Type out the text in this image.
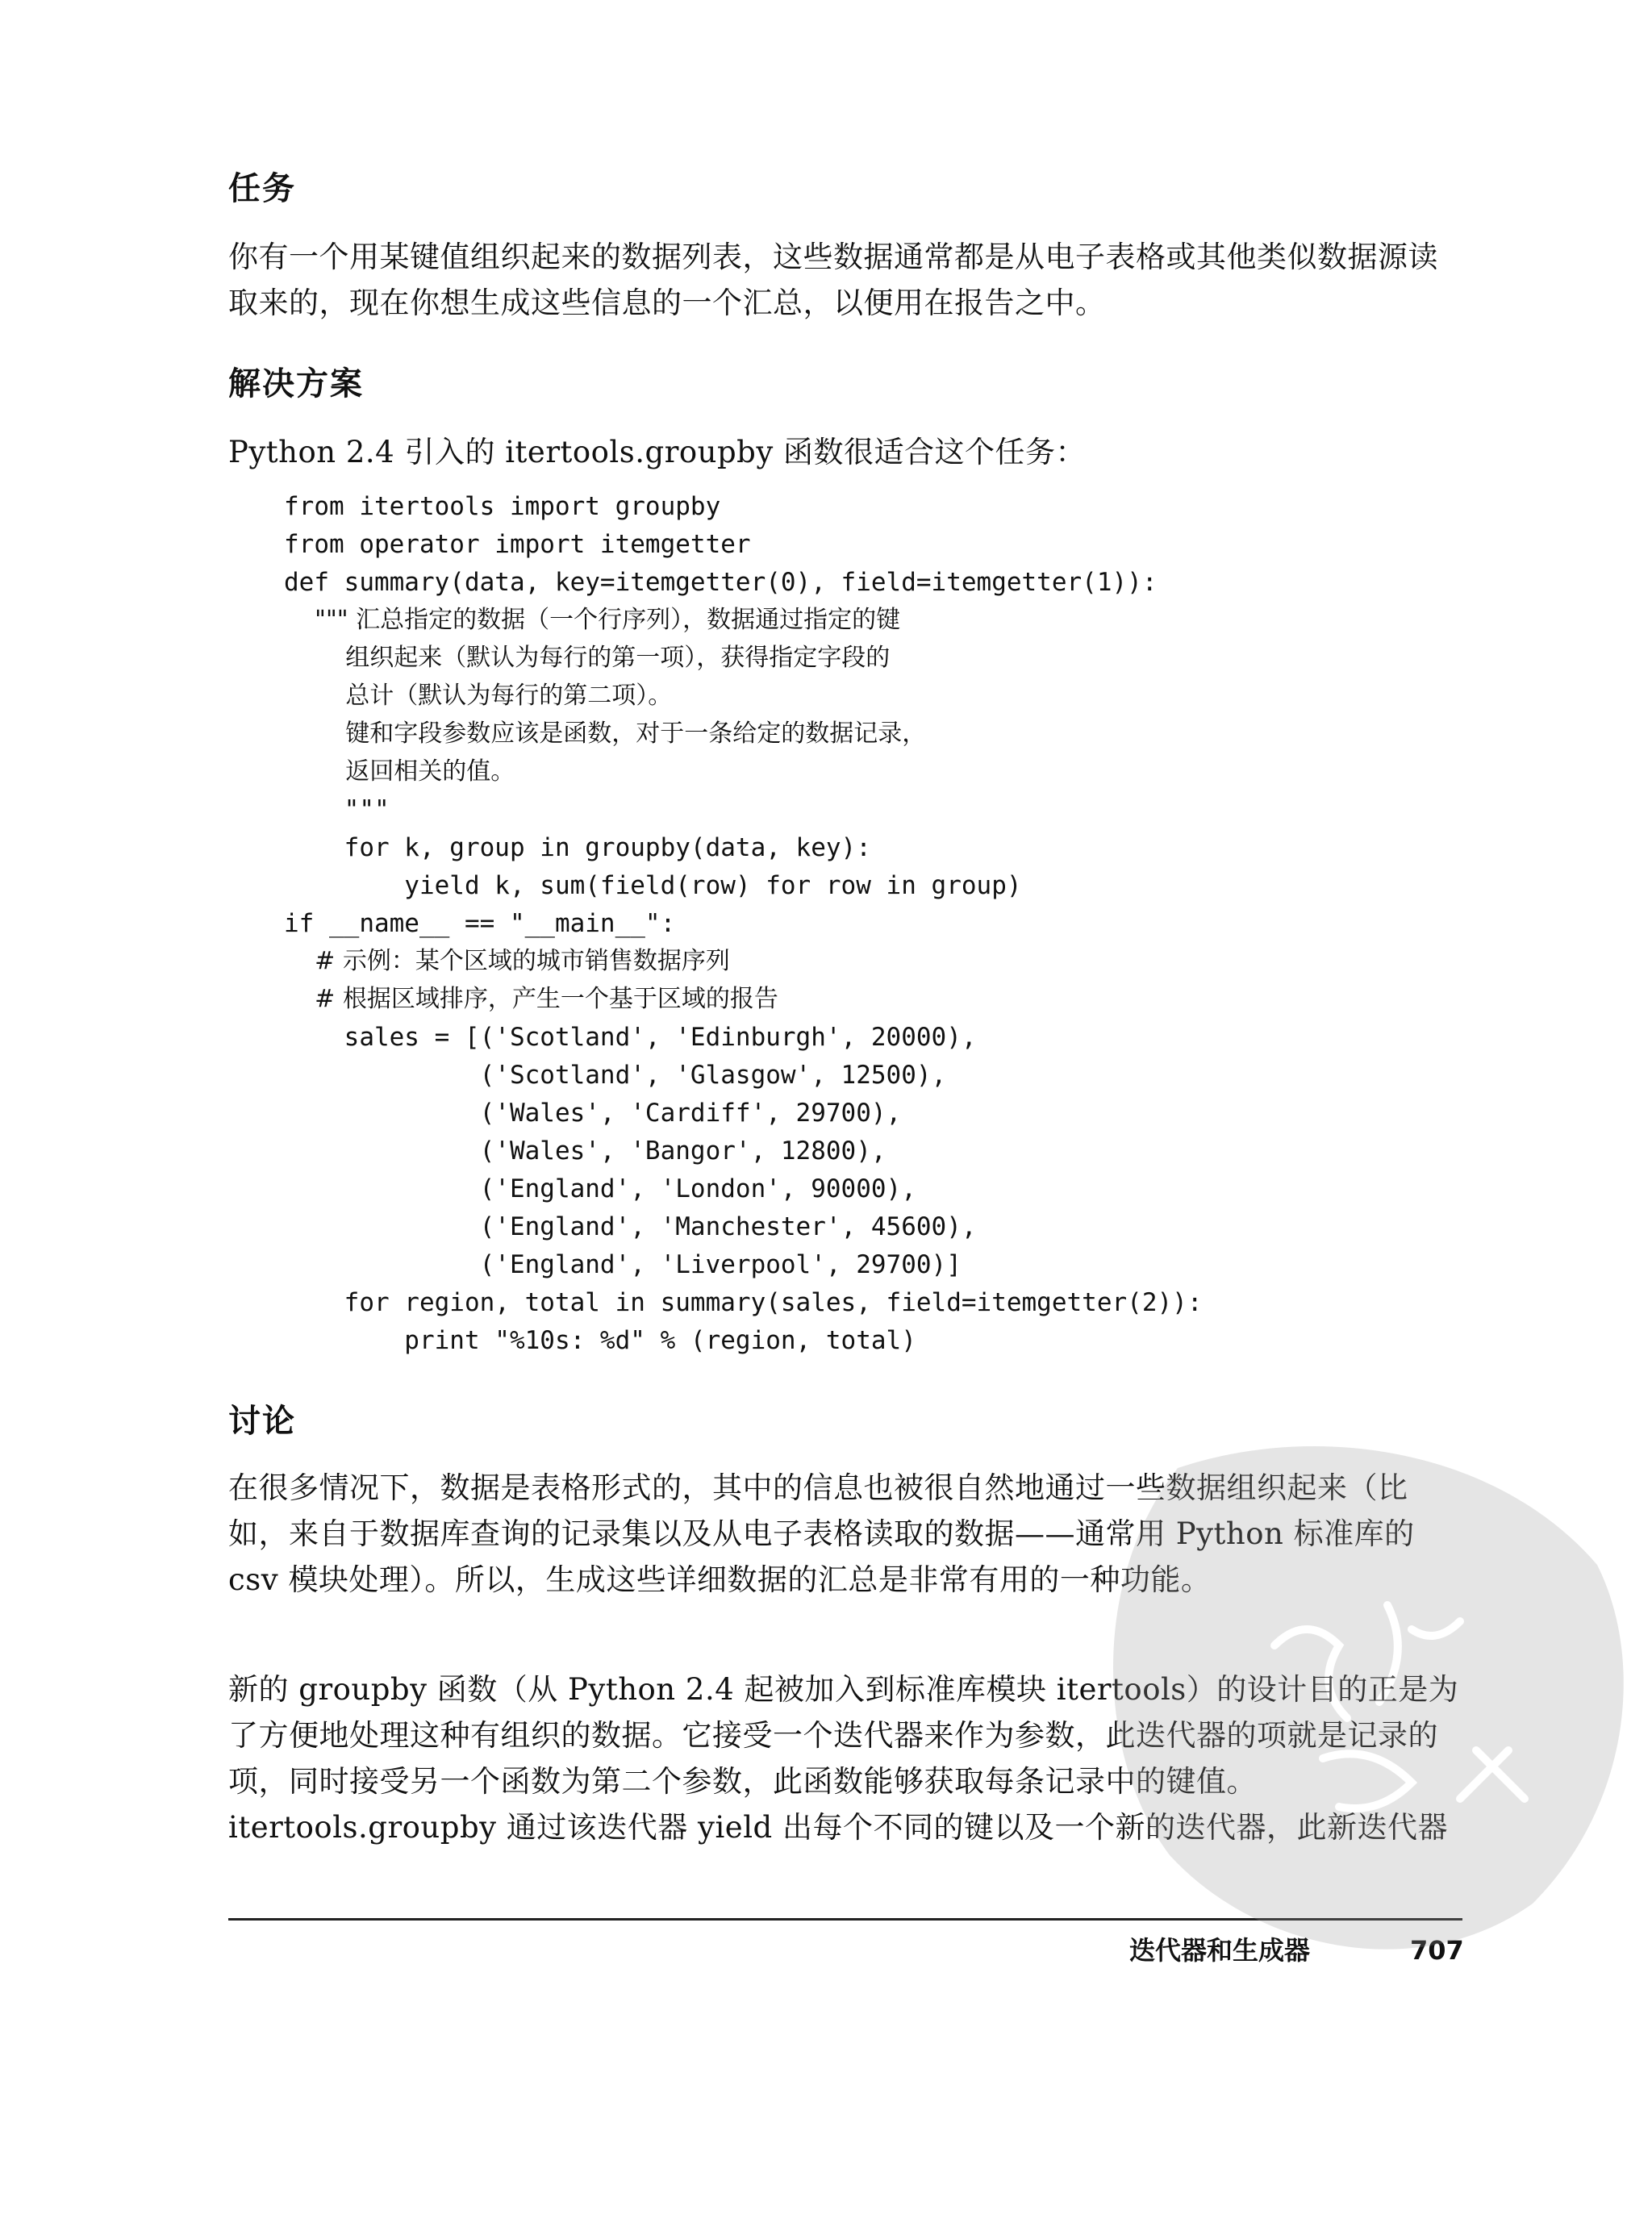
任务

你有一个用某键值组织起来的数据列表，这些数据通常都是从电子表格或其他类似数据源读取来的，现在你想生成这些信息的一个汇总，以便用在报告之中。

解决方案

Python 2.4 引入的 itertools.groupby 函数很适合这个任务：

from itertools import groupby
from operator import itemgetter
def summary(data, key=itemgetter(0), field=itemgetter(1)):
""" 汇总指定的数据（一个行序列），数据通过指定的键
组织起来（默认为每行的第一项），获得指定字段的
总计（默认为每行的第二项）。
键和字段参数应该是函数，对于一条给定的数据记录，
返回相关的值。
"""
for k, group in groupby(data, key):
yield k, sum(field(row) for row in group)
if __name__ == "__main__":
# 示例：某个区域的城市销售数据序列
# 根据区域排序，产生一个基于区域的报告
sales = [('Scotland', 'Edinburgh', 20000),
('Scotland', 'Glasgow', 12500),
('Wales', 'Cardiff', 29700),
('Wales', 'Bangor', 12800),
('England', 'London', 90000),
('England', 'Manchester', 45600),
('England', 'Liverpool', 29700)]
for region, total in summary(sales, field=itemgetter(2)):
print "%10s: %d" % (region, total)
讨论

在很多情况下，数据是表格形式的，其中的信息也被很自然地通过一些数据组织起来（比如，来自于数据库查询的记录集以及从电子表格读取的数据——通常用 Python 标准库的 csv 模块处理）。所以，生成这些详细数据的汇总是非常有用的一种功能。

新的 groupby 函数（从 Python 2.4 起被加入到标准库模块 itertools）的设计目的正是为了方便地处理这种有组织的数据。它接受一个迭代器来作为参数，此迭代器的项就是记录的项，同时接受另一个函数为第二个参数，此函数能够获取每条记录中的键值。itertools.groupby 通过该迭代器 yield 出每个不同的键以及一个新的迭代器，此新迭代器

迭代器和生成器	707
